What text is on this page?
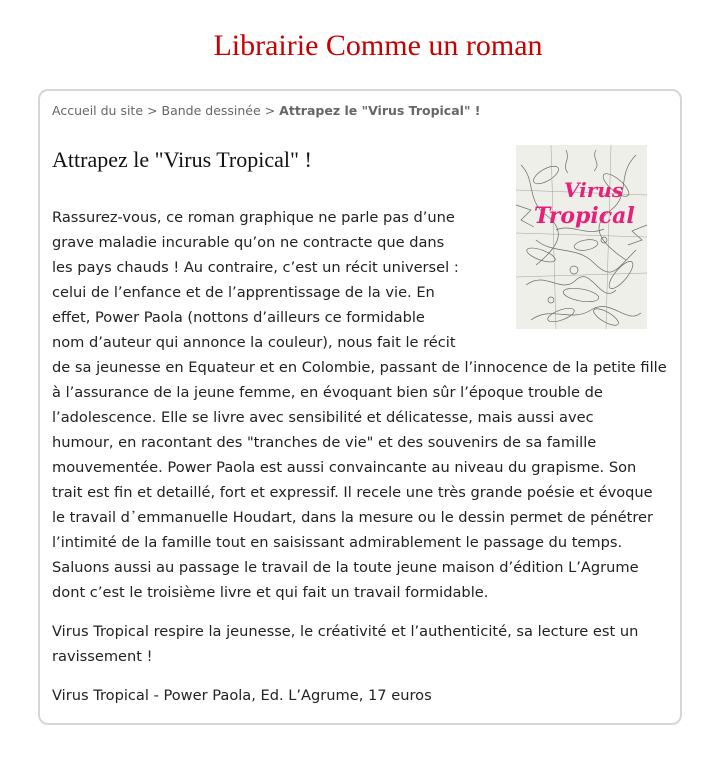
Librairie Comme un roman
Accueil du site > Bande dessinée > Attrapez le "Virus Tropical" !
Attrapez le "Virus Tropical" !
Virus
Tropical

Rassurez-vous, ce roman graphique ne parle pas d’une
grave maladie incurable qu’on ne contracte que dans
les pays chauds ! Au contraire, c’est un récit universel :
celui de l’enfance et de l’apprentissage de la vie. En
effet, Power Paola (nottons d’ailleurs ce formidable
nom d’auteur qui annonce la couleur), nous fait le récit
de sa jeunesse en Equateur et en Colombie, passant de l’innocence de la petite fille
à l’assurance de la jeune femme, en évoquant bien sûr l’époque trouble de
l’adolescence. Elle se livre avec sensibilité et délicatesse, mais aussi avec
humour, en racontant des "tranches de vie" et des souvenirs de sa famille
mouvementée. Power Paola est aussi convaincante au niveau du grapisme. Son
trait est fin et detaillé, fort et expressif. Il recele une très grande poésie et évoque
le travail d᾿emmanuelle Houdart, dans la mesure ou le dessin permet de pénétrer
l’intimité de la famille tout en saisissant admirablement le passage du temps.
Saluons aussi au passage le travail de la toute jeune maison d’édition L’Agrume
dont c’est le troisième livre et qui fait un travail formidable.

Virus Tropical respire la jeunesse, le créativité et l’authenticité, sa lecture est un
ravissement !

Virus Tropical - Power Paola, Ed. L’Agrume, 17 euros
